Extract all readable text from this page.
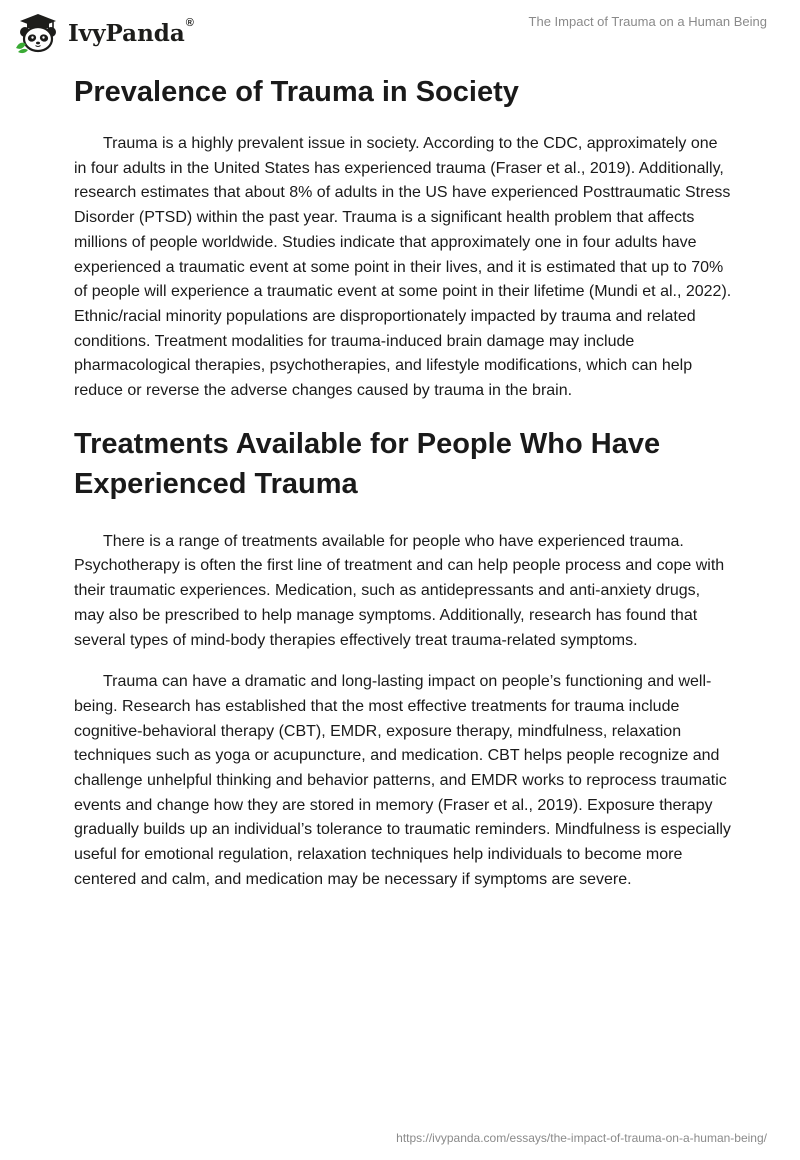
IvyPanda®	The Impact of Trauma on a Human Being
Prevalence of Trauma in Society

Trauma is a highly prevalent issue in society. According to the CDC, approximately one in four adults in the United States has experienced trauma (Fraser et al., 2019). Additionally, research estimates that about 8% of adults in the US have experienced Posttraumatic Stress Disorder (PTSD) within the past year. Trauma is a significant health problem that affects millions of people worldwide. Studies indicate that approximately one in four adults have experienced a traumatic event at some point in their lives, and it is estimated that up to 70% of people will experience a traumatic event at some point in their lifetime (Mundi et al., 2022). Ethnic/racial minority populations are disproportionately impacted by trauma and related conditions. Treatment modalities for trauma-induced brain damage may include pharmacological therapies, psychotherapies, and lifestyle modifications, which can help reduce or reverse the adverse changes caused by trauma in the brain.

Treatments Available for People Who Have Experienced Trauma

There is a range of treatments available for people who have experienced trauma. Psychotherapy is often the first line of treatment and can help people process and cope with their traumatic experiences. Medication, such as antidepressants and anti-anxiety drugs, may also be prescribed to help manage symptoms. Additionally, research has found that several types of mind-body therapies effectively treat trauma-related symptoms.

Trauma can have a dramatic and long-lasting impact on people’s functioning and well-being. Research has established that the most effective treatments for trauma include cognitive-behavioral therapy (CBT), EMDR, exposure therapy, mindfulness, relaxation techniques such as yoga or acupuncture, and medication. CBT helps people recognize and challenge unhelpful thinking and behavior patterns, and EMDR works to reprocess traumatic events and change how they are stored in memory (Fraser et al., 2019). Exposure therapy gradually builds up an individual’s tolerance to traumatic reminders. Mindfulness is especially useful for emotional regulation, relaxation techniques help individuals to become more centered and calm, and medication may be necessary if symptoms are severe.

https://ivypanda.com/essays/the-impact-of-trauma-on-a-human-being/
